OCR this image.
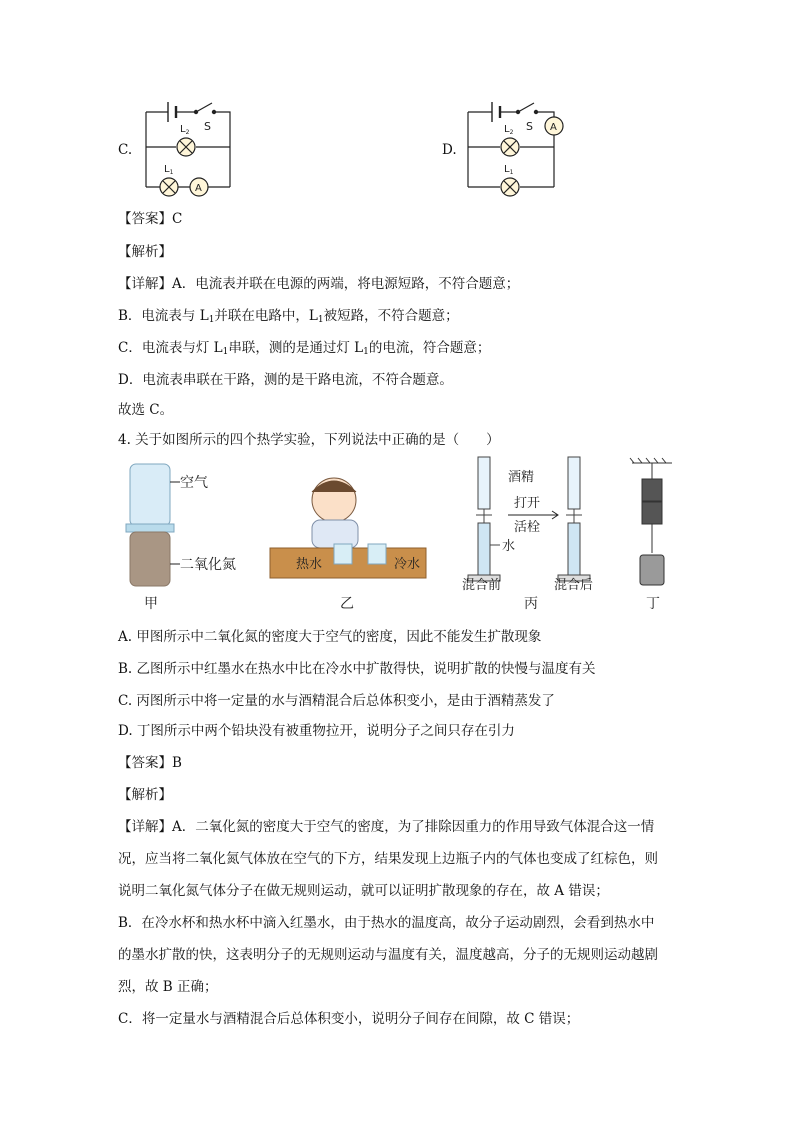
C.
S
$L_2$
$L_1$
A
D.
S A
$L_2$
$L_1$
【答案】C
【解析】
【详解】A．电流表并联在电源的两端，将电源短路，不符合题意；
B．电流表与 $L_1$并联在电路中，$L_1$被短路，不符合题意；
C．电流表与灯 $L_1$串联，测的是通过灯 $L_1$的电流，符合题意；
D．电流表串联在干路，测的是干路电流，不符合题意。
故选 C。
4. 关于如图所示的四个热学实验，下列说法中正确的是（　　）
空气
二氧化氮
甲
热水	冷水
乙
酒精
打开
活栓
水
混合前	混合后
丙	丁
A. 甲图所示中二氧化氮的密度大于空气的密度，因此不能发生扩散现象
B. 乙图所示中红墨水在热水中比在冷水中扩散得快，说明扩散的快慢与温度有关
C. 丙图所示中将一定量的水与酒精混合后总体积变小，是由于酒精蒸发了
D. 丁图所示中两个铅块没有被重物拉开，说明分子之间只存在引力
【答案】B
【解析】
【详解】A．二氧化氮的密度大于空气的密度，为了排除因重力的作用导致气体混合这一情
况，应当将二氧化氮气体放在空气的下方，结果发现上边瓶子内的气体也变成了红棕色，则
说明二氧化氮气体分子在做无规则运动，就可以证明扩散现象的存在，故 A 错误；
B．在冷水杯和热水杯中滴入红墨水，由于热水的温度高，故分子运动剧烈，会看到热水中
的墨水扩散的快，这表明分子的无规则运动与温度有关，温度越高，分子的无规则运动越剧
烈，故 B 正确；
C．将一定量水与酒精混合后总体积变小，说明分子间存在间隙，故 C 错误；
